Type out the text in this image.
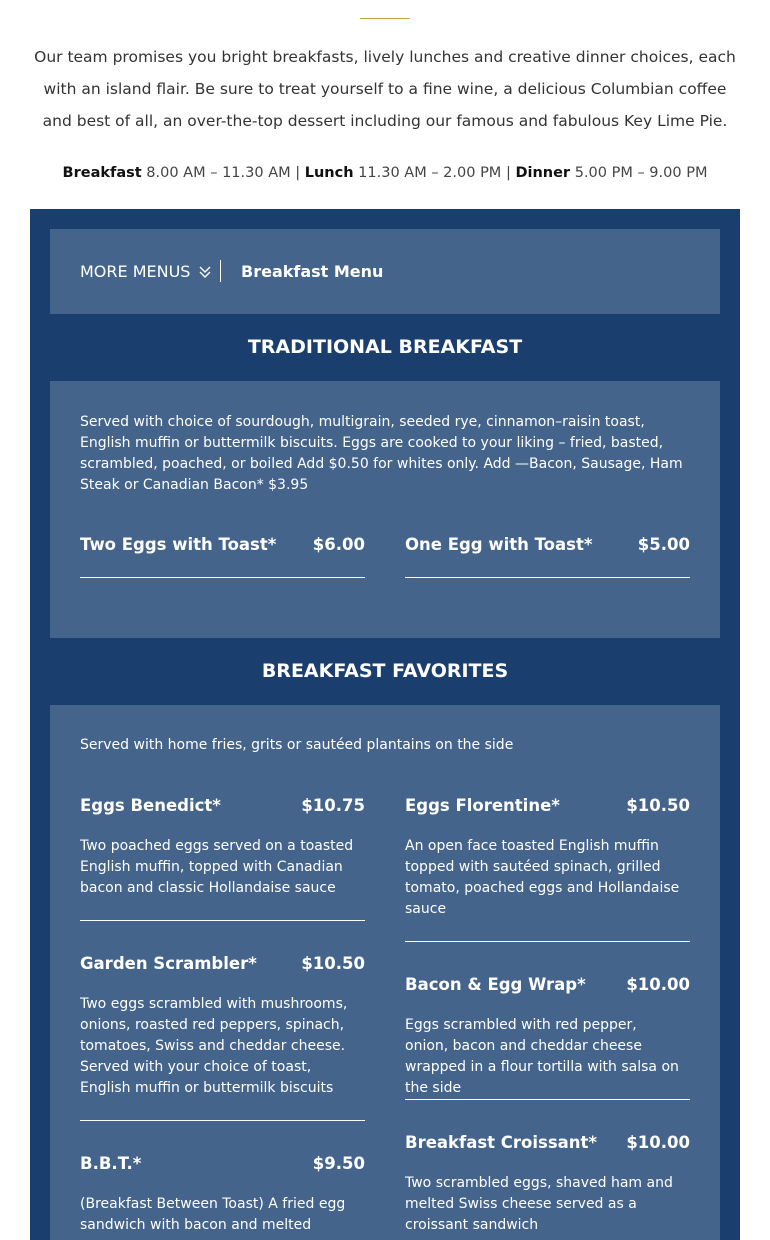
Our team promises you bright breakfasts, lively lunches and creative dinner choices, each with an island flair. Be sure to treat yourself to a fine wine, a delicious Columbian coffee and best of all, an over-the-top dessert including our famous and fabulous Key Lime Pie.
Breakfast 8.00 AM – 11.30 AM | Lunch 11.30 AM – 2.00 PM | Dinner 5.00 PM – 9.00 PM
MORE MENUS	Breakfast Menu
TRADITIONAL BREAKFAST
Served with choice of sourdough, multigrain, seeded rye, cinnamon–raisin toast, English muffin or buttermilk biscuits. Eggs are cooked to your liking – fried, basted, scrambled, poached, or boiled Add $0.50 for whites only. Add —Bacon, Sausage, Ham Steak or Canadian Bacon* $3.95
Two Eggs with Toast* $6.00 One Egg with Toast*	$5.00
BREAKFAST FAVORITES
Served with home fries, grits or sautéed plantains on the side
Eggs Benedict*	$10.75
Two poached eggs served on a toasted English muffin, topped with Canadian bacon and classic Hollandaise sauce
Garden Scrambler*	$10.50
Two eggs scrambled with mushrooms, onions, roasted red peppers, spinach, tomatoes, Swiss and cheddar cheese. Served with your choice of toast, English muffin or buttermilk biscuits
B.B.T.*	$9.50
(Breakfast Between Toast) A fried egg sandwich with bacon and melted
Eggs Florentine*	$10.50
An open face toasted English muffin topped with sautéed spinach, grilled tomato, poached eggs and Hollandaise sauce
Bacon & Egg Wrap* $10.00
Eggs scrambled with red pepper, onion, bacon and cheddar cheese wrapped in a flour tortilla with salsa on the side
Breakfast Croissant* $10.00
Two scrambled eggs, shaved ham and melted Swiss cheese served as a croissant sandwich
